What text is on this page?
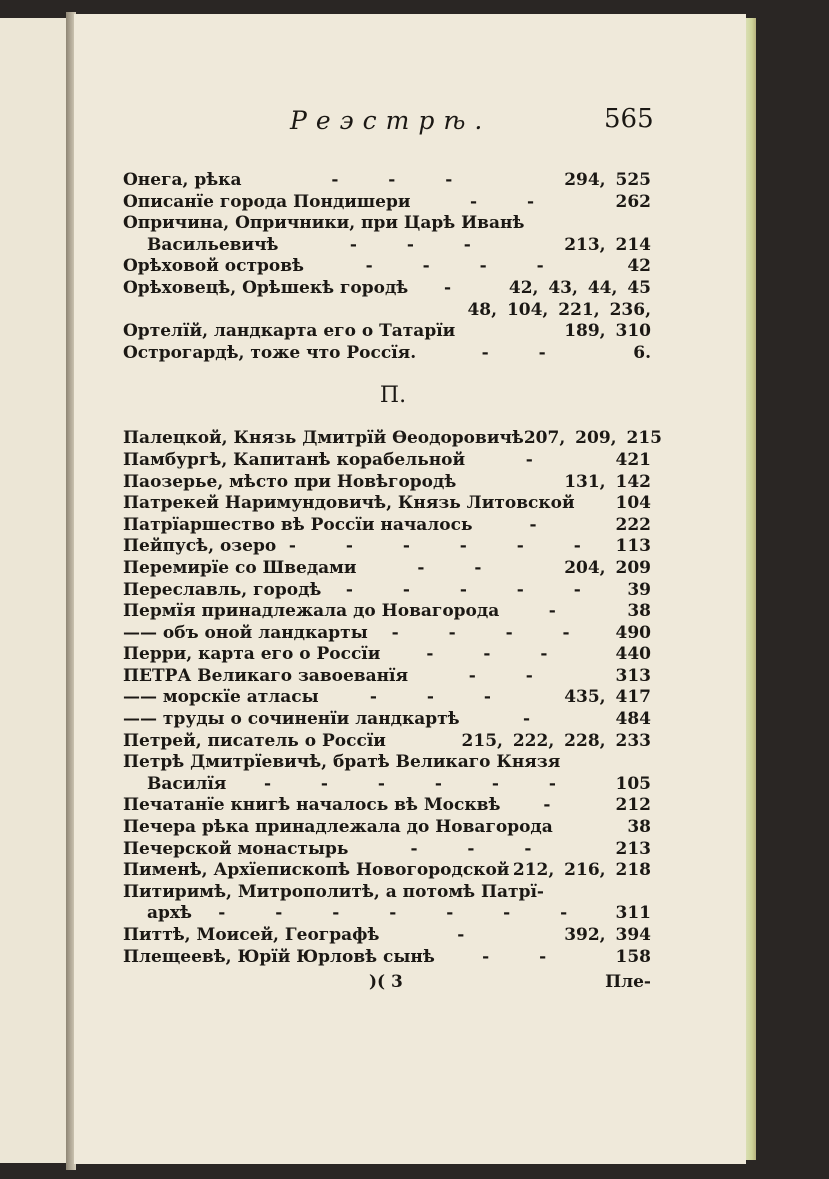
Реэстрѣ.	565
Онега, рѣка	- - -	294, 525
Описанїе города Пондишери	- -	262
Опричина, Опричники, при Царѣ Иванѣ
Васильевичѣ	- - -	213, 214
Орѣховой островѣ	- - - -	42
Орѣховецѣ, Орѣшекѣ городѣ	-	42, 43, 44, 45
48, 104, 221, 236,
Ортелїй, ландкарта его о Татарїи	189, 310
Острогардѣ, тоже что Россїя.	- -	6.
П.
Палецкой, Князь Дмитрїй Ѳеодоровичѣ 207, 209, 215
Памбургѣ, Капитанѣ корабельной	-	421
Паозерье, мѣсто при Новѣгородѣ	131, 142
Патрекей Наримундовичѣ, Князь Литовской 104
Патрїаршество вѣ Россїи началось	-	222
Пейпусѣ, озеро - - - - - - 113
Перемирїе со Шведами	- -	204, 209
Переславль, городѣ	- - - - -	39
Пермїя принадлежала до Новагорода	-	38
—— объ оной ландкарты	- - - -	490
Перри, карта его о Россїи	- - -	440
ПЕТРА Великаго завоеванїя	- -	313
—— морскїе атласы	- - -	435, 417
—— труды о сочиненїи ландкартѣ	-	484
Петрей, писатель о Россїи	215, 222, 228, 233
Петрѣ Дмитрїевичѣ, братѣ Великаго Князя
Василїя	- - - - - -	105
Печатанїе книгѣ началось вѣ Москвѣ	-	212
Печера рѣка принадлежала до Новагорода	38
Печерской монастырь	- - -	213
Пименѣ, Архїепископѣ Новогородской 212, 216, 218
Питиримѣ, Митрополитѣ, а потомѣ Патрї-
архѣ	- - - - - - -	311
Питтѣ, Моисей, Географѣ	-	392, 394
Плещеевѣ, Юрїй Юрловѣ сынѣ	- -	158
)( 3	Пле-
